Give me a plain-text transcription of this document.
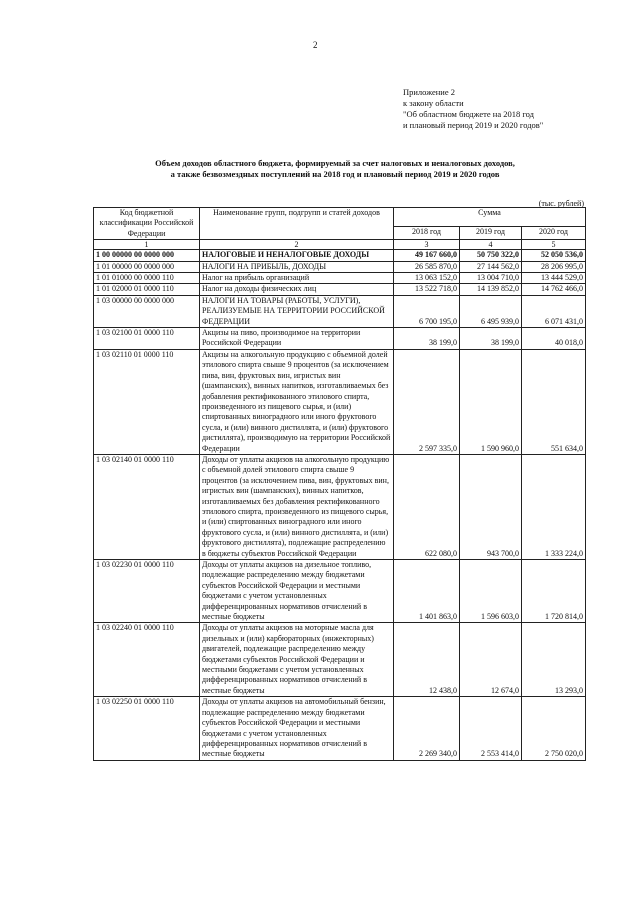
2
Приложение 2
к закону области
"Об областном бюджете на 2018 год
и плановый период 2019 и 2020 годов"
Объем доходов областного бюджета, формируемый за счет налоговых и неналоговых доходов,
а также безвозмездных поступлений на 2018 год и плановый период 2019 и 2020 годов
(тыс. рублей)
Код бюджетной классификации Российской Федерации	Наименование групп, подгрупп и статей доходов	Сумма		
		2018 год	2019 год	2020 год
1	2	3	4	5
1 00 00000 00 0000 000	НАЛОГОВЫЕ И НЕНАЛОГОВЫЕ ДОХОДЫ	49 167 660,0	50 750 322,0	52 050 536,0
1 01 00000 00 0000 000	НАЛОГИ НА ПРИБЫЛЬ, ДОХОДЫ	26 585 870,0	27 144 562,0	28 206 995,0
1 01 01000 00 0000 110	Налог на прибыль организаций	13 063 152,0	13 004 710,0	13 444 529,0
1 01 02000 01 0000 110	Налог на доходы физических лиц	13 522 718,0	14 139 852,0	14 762 466,0
1 03 00000 00 0000 000	НАЛОГИ НА ТОВАРЫ (РАБОТЫ, УСЛУГИ), РЕАЛИЗУЕМЫЕ НА ТЕРРИТОРИИ РОССИЙСКОЙ ФЕДЕРАЦИИ	6 700 195,0	6 495 939,0	6 071 431,0
1 03 02100 01 0000 110	Акцизы на пиво, производимое на территории Российской Федерации	38 199,0	38 199,0	40 018,0
1 03 02110 01 0000 110	Акцизы на алкогольную продукцию с объемной долей этилового спирта свыше 9 процентов (за исключением пива, вин, фруктовых вин, игристых вин (шампанских), винных напитков, изготавливаемых без добавления ректификованного этилового спирта, произведенного из пищевого сырья, и (или) спиртованных виноградного или иного фруктового сусла, и (или) винного дистиллята, и (или) фруктового дистиллята), производимую на территории Российской Федерации	2 597 335,0	1 590 960,0	551 634,0
1 03 02140 01 0000 110	Доходы от уплаты акцизов на алкогольную продукцию с объемной долей этилового спирта свыше 9 процентов (за исключением пива, вин, фруктовых вин, игристых вин (шампанских), винных напитков, изготавливаемых без добавления ректификованного этилового спирта, произведенного из пищевого сырья, и (или) спиртованных виноградного или иного фруктового сусла, и (или) винного дистиллята, и (или) фруктового дистиллята), подлежащие распределению в бюджеты субъектов Российской Федерации	622 080,0	943 700,0	1 333 224,0
1 03 02230 01 0000 110	Доходы от уплаты акцизов на дизельное топливо, подлежащие распределению между бюджетами субъектов Российской Федерации и местными бюджетами с учетом установленных дифференцированных нормативов отчислений в местные бюджеты	1 401 863,0	1 596 603,0	1 720 814,0
1 03 02240 01 0000 110	Доходы от уплаты акцизов на моторные масла для дизельных и (или) карбюраторных (инжекторных) двигателей, подлежащие распределению между бюджетами субъектов Российской Федерации и местными бюджетами с учетом установленных дифференцированных нормативов отчислений в местные бюджеты	12 438,0	12 674,0	13 293,0
1 03 02250 01 0000 110	Доходы от уплаты акцизов на автомобильный бензин, подлежащие распределению между бюджетами субъектов Российской Федерации и местными бюджетами с учетом установленных дифференцированных нормативов отчислений в местные бюджеты	2 269 340,0	2 553 414,0	2 750 020,0
